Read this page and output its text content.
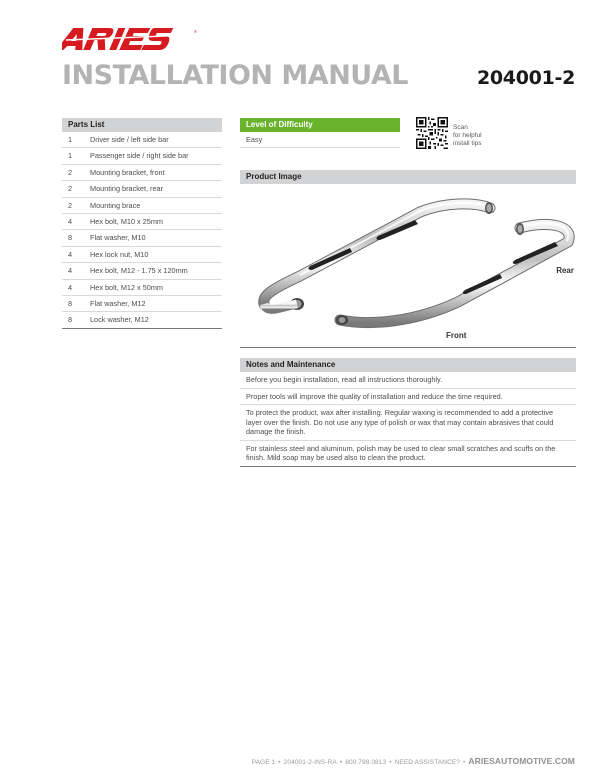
®
INSTALLATION MANUAL	204001-2
Parts List
1	Driver side / left side bar
1	Passenger side / right side bar
2	Mounting bracket, front
2	Mounting bracket, rear
2	Mounting brace
4	Hex bolt, M10 x 25mm
8	Flat washer, M10
4	Hex lock nut, M10
4	Hex bolt, M12 - 1.75 x 120mm
4	Hex bolt, M12 x 50mm
8	Flat washer, M12
8	Lock washer, M12
Level of Difficulty
Easy
Scan
for helpful
install tips
Product Image
Rear
Front
Notes and Maintenance
Before you begin installation, read all instructions thoroughly.
Proper tools will improve the quality of installation and reduce the time required.
To protect the product, wax after installing. Regular waxing is recommended to add a protective layer over the finish. Do not use any type of polish or wax that may contain abrasives that could damage the finish.
For stainless steel and aluminum, polish may be used to clear small scratches and scuffs on the finish. Mild soap may be used also to clean the product.
PAGE 1 • 204001-2-INS-RA • 800.798.0813 • NEED ASSISTANCE? • ARIESAUTOMOTIVE.COM
